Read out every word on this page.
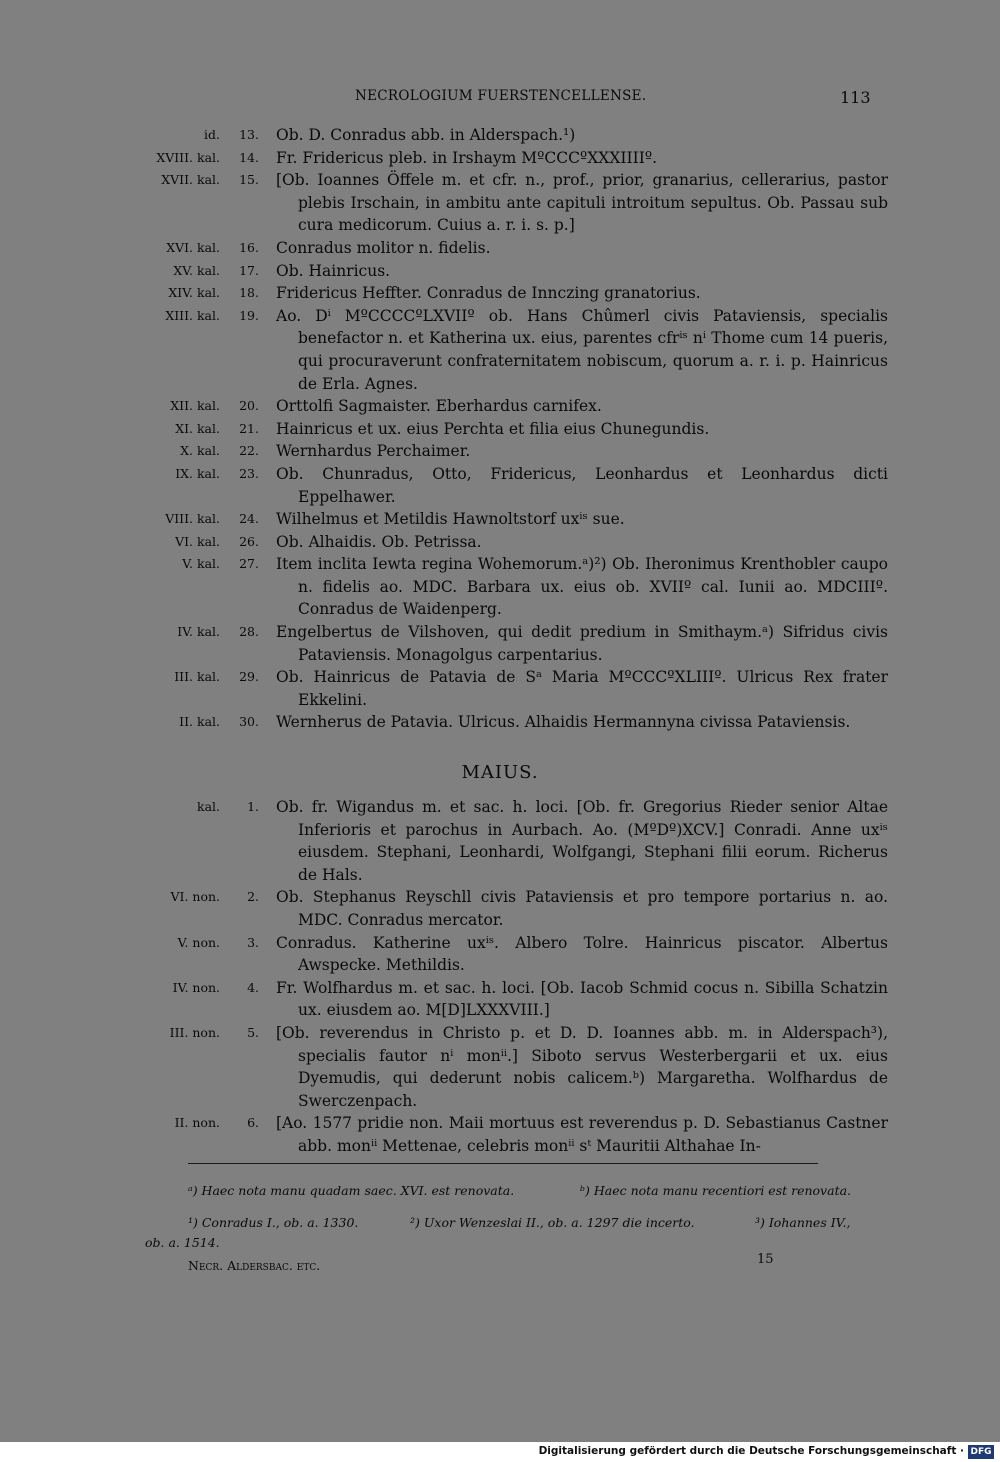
NECROLOGIUM FUERSTENCELLENSE.	113
id. 13. Ob. D. Conradus abb. in Alderspach.¹)
XVIII. kal. 14. Fr. Fridericus pleb. in Irshaym MºCCCºXXXIIIIº.
XVII. kal. 15. [Ob. Ioannes Öffele m. et cfr. n., prof., prior, granarius, cellerarius, pastor plebis Irschain, in ambitu ante capituli introitum sepultus. Ob. Passau sub cura medicorum. Cuius a. r. i. s. p.]
XVI. kal. 16. Conradus molitor n. fidelis.
XV. kal. 17. Ob. Hainricus.
XIV. kal. 18. Fridericus Heffter. Conradus de Innczing granatorius.
XIII. kal. 19. Ao. Dⁱ MºCCCCºLXVIIº ob. Hans Chûmerl civis Pataviensis, specialis benefactor n. et Katherina ux. eius, parentes cfrⁱˢ nⁱ Thome cum 14 pueris, qui procuraverunt confraternitatem nobiscum, quorum a. r. i. p. Hainricus de Erla. Agnes.
XII. kal. 20. Orttolfi Sagmaister. Eberhardus carnifex.
XI. kal. 21. Hainricus et ux. eius Perchta et filia eius Chunegundis.
X. kal. 22. Wernhardus Perchaimer.
IX. kal. 23. Ob. Chunradus, Otto, Fridericus, Leonhardus et Leonhardus dicti Eppelhawer.
VIII. kal. 24. Wilhelmus et Metildis Hawnoltstorf uxⁱˢ sue.
VI. kal. 26. Ob. Alhaidis. Ob. Petrissa.
V. kal. 27. Item inclita Iewta regina Wohemorum.ᵃ)²) Ob. Iheronimus Krenthobler caupo n. fidelis ao. MDC. Barbara ux. eius ob. XVIIº cal. Iunii ao. MDCIIIº. Conradus de Waidenperg.
IV. kal. 28. Engelbertus de Vilshoven, qui dedit predium in Smithaym.ᵃ) Sifridus civis Pataviensis. Monagolgus carpentarius.
III. kal. 29. Ob. Hainricus de Patavia de Sᵃ Maria MºCCCºXLIIIº. Ulricus Rex frater Ekkelini.
II. kal. 30. Wernherus de Patavia. Ulricus. Alhaidis Hermannyna civissa Pataviensis.
MAIUS.
kal. 1. Ob. fr. Wigandus m. et sac. h. loci. [Ob. fr. Gregorius Rieder senior Altae Inferioris et parochus in Aurbach. Ao. (MºDº)XCV.] Conradi. Anne uxⁱˢ eiusdem. Stephani, Leonhardi, Wolfgangi, Stephani filii eorum. Richerus de Hals.
VI. non. 2. Ob. Stephanus Reyschll civis Pataviensis et pro tempore portarius n. ao. MDC. Conradus mercator.
V. non. 3. Conradus. Katherine uxⁱˢ. Albero Tolre. Hainricus piscator. Albertus Awspecke. Methildis.
IV. non. 4. Fr. Wolfhardus m. et sac. h. loci. [Ob. Iacob Schmid cocus n. Sibilla Schatzin ux. eiusdem ao. M[D]LXXXVIII.]
III. non. 5. [Ob. reverendus in Christo p. et D. D. Ioannes abb. m. in Alderspach³), specialis fautor nⁱ monⁱⁱ.] Siboto servus Westerbergarii et ux. eius Dyemudis, qui dederunt nobis calicem.ᵇ) Margaretha. Wolfhardus de Swerczenpach.
II. non. 6. [Ao. 1577 pridie non. Maii mortuus est reverendus p. D. Sebastianus Castner abb. monⁱⁱ Mettenae, celebris monⁱⁱ sᵗ Mauritii Althahae In-
ᵃ) Haec nota manu quadam saec. XVI. est renovata.	ᵇ) Haec nota manu recentiori est renovata.
¹) Conradus I., ob. a. 1330.	²) Uxor Wenzeslai II., ob. a. 1297 die incerto.	³) Iohannes IV.,
ob. a. 1514.
Necr. Aldersbac. etc.	15
Digitalisierung gefördert durch die Deutsche Forschungsgemeinschaft · DFG
